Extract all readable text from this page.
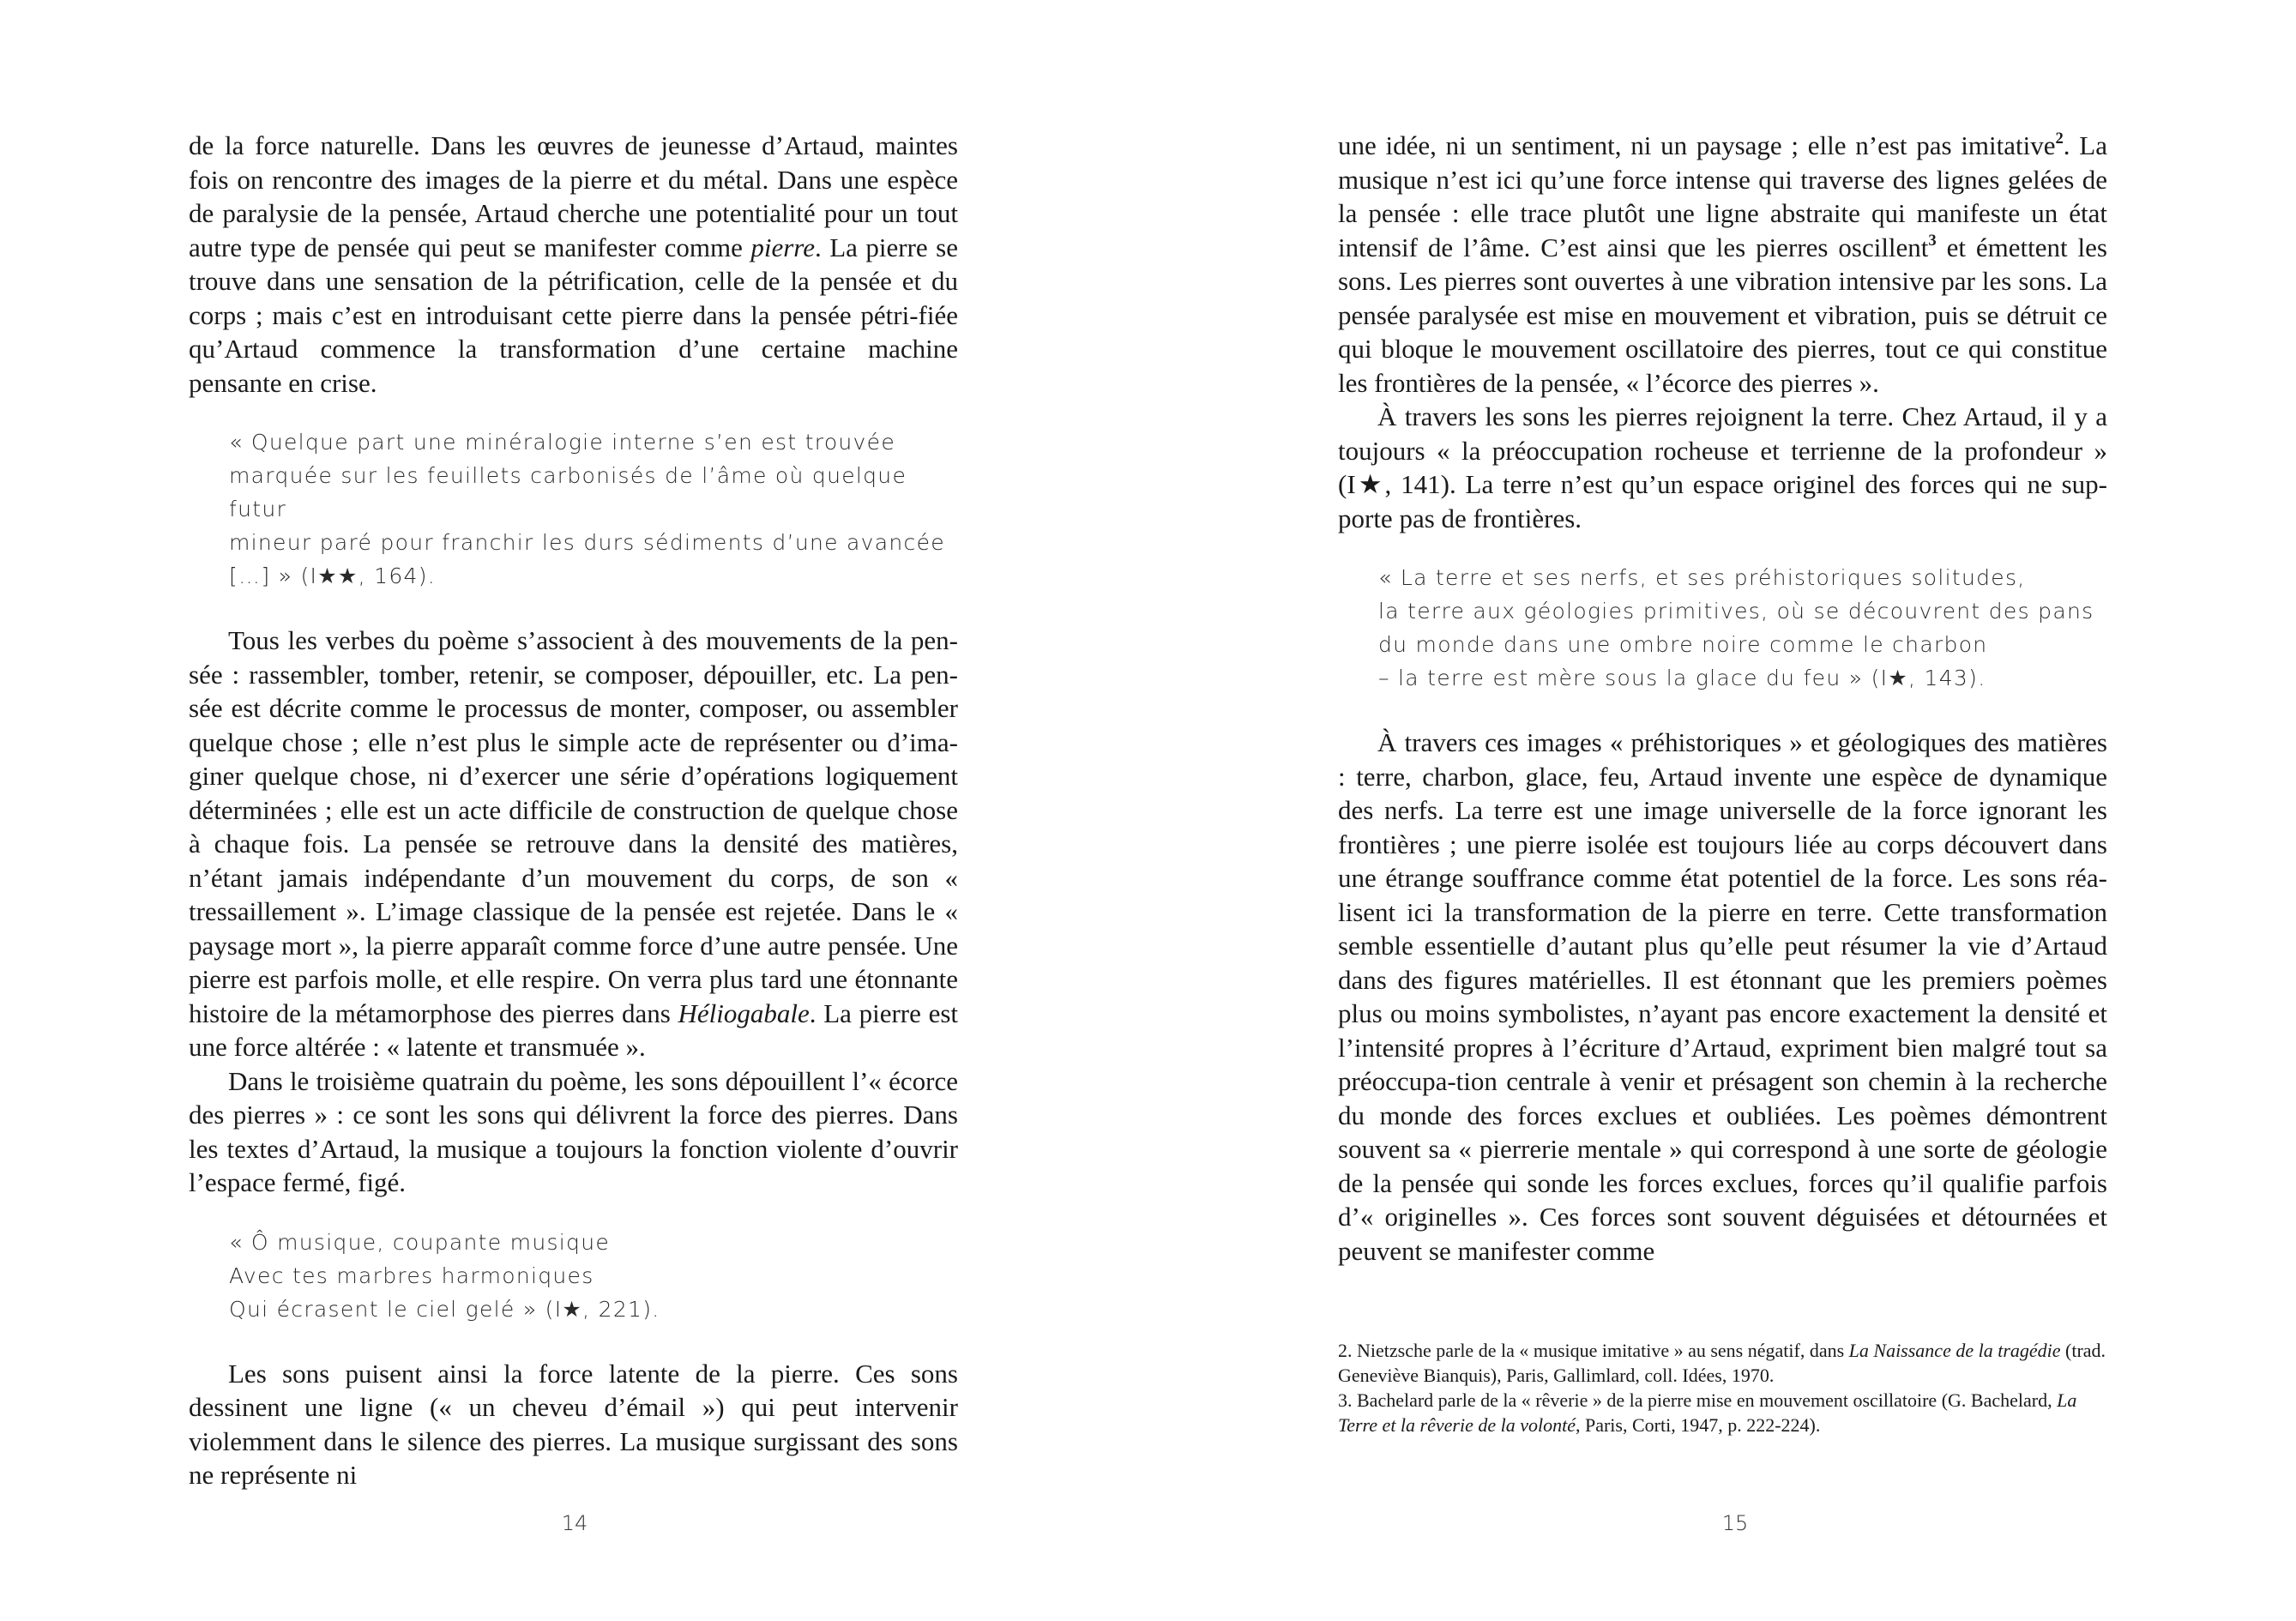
de la force naturelle. Dans les œuvres de jeunesse d’Artaud, maintes fois on rencontre des images de la pierre et du métal. Dans une espèce de paralysie de la pensée, Artaud cherche une potentialité pour un tout autre type de pensée qui peut se manifester comme pierre. La pierre se trouve dans une sensation de la pétrification, celle de la pensée et du corps ; mais c’est en introduisant cette pierre dans la pensée pétri-fiée qu’Artaud commence la transformation d’une certaine machine pensante en crise.

« Quelque part une minéralogie interne s’en est trouvée
marquée sur les feuillets carbonisés de l’âme où quelque futur
mineur paré pour franchir les durs sédiments d’une avancée
[…] » (I★★, 164).

Tous les verbes du poème s’associent à des mouvements de la pen-sée : rassembler, tomber, retenir, se composer, dépouiller, etc. La pen-sée est décrite comme le processus de monter, composer, ou assembler quelque chose ; elle n’est plus le simple acte de représenter ou d’ima-giner quelque chose, ni d’exercer une série d’opérations logiquement déterminées ; elle est un acte difficile de construction de quelque chose à chaque fois. La pensée se retrouve dans la densité des matières, n’étant jamais indépendante d’un mouvement du corps, de son « tressaillement ». L’image classique de la pensée est rejetée. Dans le « paysage mort », la pierre apparaît comme force d’une autre pensée. Une pierre est parfois molle, et elle respire. On verra plus tard une étonnante histoire de la métamorphose des pierres dans Héliogabale. La pierre est une force altérée : « latente et transmuée ».

Dans le troisième quatrain du poème, les sons dépouillent l’« écorce des pierres » : ce sont les sons qui délivrent la force des pierres. Dans les textes d’Artaud, la musique a toujours la fonction violente d’ouvrir l’espace fermé, figé.

« Ô musique, coupante musique
Avec tes marbres harmoniques
Qui écrasent le ciel gelé » (I★, 221).

Les sons puisent ainsi la force latente de la pierre. Ces sons dessinent une ligne (« un cheveu d’émail ») qui peut intervenir violemment dans le silence des pierres. La musique surgissant des sons ne représente ni

14

une idée, ni un sentiment, ni un paysage ; elle n’est pas imitative$^2$. La musique n’est ici qu’une force intense qui traverse des lignes gelées de la pensée : elle trace plutôt une ligne abstraite qui manifeste un état intensif de l’âme. C’est ainsi que les pierres oscillent$^3$ et émettent les sons. Les pierres sont ouvertes à une vibration intensive par les sons. La pensée paralysée est mise en mouvement et vibration, puis se détruit ce qui bloque le mouvement oscillatoire des pierres, tout ce qui constitue les frontières de la pensée, « l’écorce des pierres ».

À travers les sons les pierres rejoignent la terre. Chez Artaud, il y a toujours « la préoccupation rocheuse et terrienne de la profondeur » (I★, 141). La terre n’est qu’un espace originel des forces qui ne sup-porte pas de frontières.

« La terre et ses nerfs, et ses préhistoriques solitudes,
la terre aux géologies primitives, où se découvrent des pans
du monde dans une ombre noire comme le charbon
– la terre est mère sous la glace du feu » (I★, 143).

À travers ces images « préhistoriques » et géologiques des matières : terre, charbon, glace, feu, Artaud invente une espèce de dynamique des nerfs. La terre est une image universelle de la force ignorant les frontières ; une pierre isolée est toujours liée au corps découvert dans une étrange souffrance comme état potentiel de la force. Les sons réa-lisent ici la transformation de la pierre en terre. Cette transformation semble essentielle d’autant plus qu’elle peut résumer la vie d’Artaud dans des figures matérielles. Il est étonnant que les premiers poèmes plus ou moins symbolistes, n’ayant pas encore exactement la densité et l’intensité propres à l’écriture d’Artaud, expriment bien malgré tout sa préoccupa-tion centrale à venir et présagent son chemin à la recherche du monde des forces exclues et oubliées. Les poèmes démontrent souvent sa « pierrerie mentale » qui correspond à une sorte de géologie de la pensée qui sonde les forces exclues, forces qu’il qualifie parfois d’« originelles ». Ces forces sont souvent déguisées et détournées et peuvent se manifester comme

2. Nietzsche parle de la « musique imitative » au sens négatif, dans La Naissance de la tragédie (trad. Geneviève Bianquis), Paris, Gallimlard, coll. Idées, 1970.

3. Bachelard parle de la « rêverie » de la pierre mise en mouvement oscillatoire (G. Bachelard, La Terre et la rêverie de la volonté, Paris, Corti, 1947, p. 222-224).

15
